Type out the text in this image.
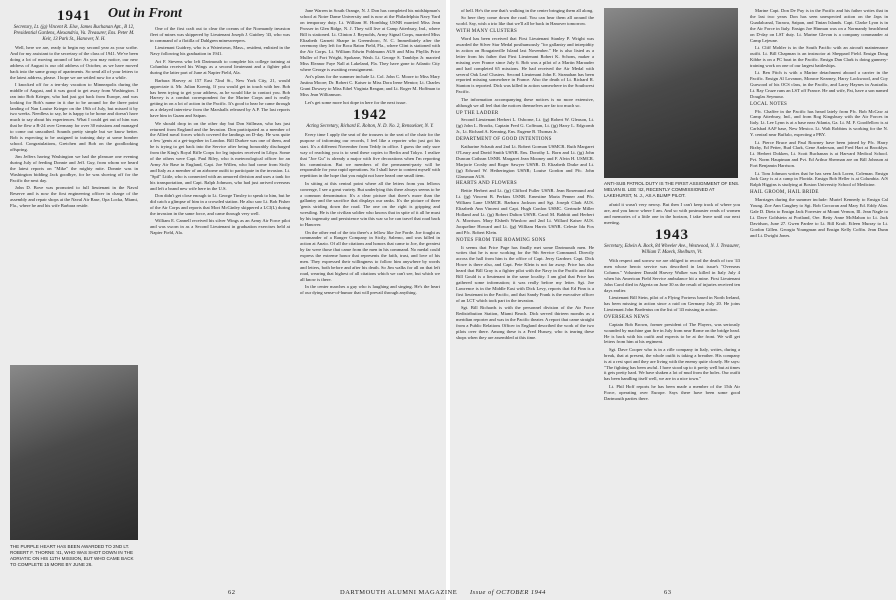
1941
Secretary, Lt. (jg) Vincent R. Else, James Buchanan Apt., B 12, Presidential Gardens, Alexandria, Va. Treasurer, Ens. Peter M. Keir, 13 Park St., Hanover, N. H.

Well, here we are, ready to begin my second year as your scribe. And for my assistant to the secretary of the class of 1941. We've been doing a lot of moving around of late: As you may notice, our new address of August is our old address of October, as we have moved back into the same group of apartments. So send all of your letters to the latest address, please. I hope we are settled now for a while.

I knocked off for a ten-day vacation to Minneapolis during the middle of August, and it was good to get away from Washington. I ran into Bob Krieger, who had just got back from Europe, and was looking for Bob's name in it due to be around for the three point landing of Nan Louise Krieger on the 19th of July, but missed it by two weeks. Needless to say, he is happy to be home and doesn't have much to say about his experiences. What I could get out of him was that he flew a B-24 over Germany for over 30 missions and managed to come out unscathed. Sounds pretty simple but we know better. Bob is expecting to be assigned to training duty at some bomber school. Congratulations, Gretchen and Bob on the goodlooking offspring.

Jim Jeffers having Washington we had the pleasure one evening during July of feeding Donnie and Jeff. Guy, from whom we heard the latest reports on "Mike" the mighty mite. Donnie was in Washington bidding Jack goodbye, for he was shoving off for the Pacific the next day.

John D. Bove was promoted to full lieutenant in the Naval Reserve and is now the first engineering officer in charge of the assembly and repair shops at the Naval Air Base, Opa Locka, Miami, Fla., where he and his wife Barbara reside.

THE PURPLE HEART HAS BEEN AWARDED TO 2ND LT. ROBERT F. THORNE '41, WHO WAS SHOT DOWN IN THE ADRIATIC ON HIS 11TH MISSION, BUT WHO CAME BACK TO COMPLETE 15 MORE BY JUNE 26.
Out in Front

One of the first craft out to clear the oceans of the Normandy invasion fleet of mines was skippered by Lieutenant Joseph J. Guidrey '43, who was in command of a flotilla of Dahlgren minesweepers.

Lieutenant Guidrey, who is a Watertown, Mass., resident, enlisted in the Navy following his graduation in 1941.

Art F. Stevens who left Dartmouth to complete his college training at Columbia received his Wings as a second lieutenant and a fighter pilot during the latter part of June at Napier Field, Ala.

Barbara Harvey at 157 East 72nd St., New York City, 21, would appreciate it. Mr. Julian Koenig. If you would get in touch with her. Bob has been trying to get your address, as he would like to contact you. Bob Harvey is a combat correspondent for the Marine Corps and is really getting in on a lot of action in the Pacific. It's good to hear he came through as a delayed interview from the Marshalls released by A.P. The last reports have him in Guam and Saipan.

We should drop in on the other day but Don Stillman, who has just returned from England and the Invasion. Don participated as a member of the Allied naval forces which covered the landings on D-day. He was quite a few 'gents at a get-together in London. Bill Durkee was one of them, and he is trying to get back into the Service after being honorably discharged from the King's Royal Rifle Corps for leg injuries received in Libya. Some of the others were Capt. Paul Riley, who is meteorological officer for an Army Air Base in England, Capt. Joe Willen, who had come from Sicily and Italy as a member of an airborne outfit to participate in the invasion. Lt. "Spil" Little, who is connected with an armored division and uses a tank for his transportation, and Capt. Ralph Johnson, who had just arrived overseas and left a brand new wife here in the U.S.

Don didn't get close enough to Lt. George Tinsley to speak to him, but he did catch a glimpse of him in a crowded station. He also saw Lt. Bob Fisher of the Air Corps and reports that Mort McGinley skippered a LCI(L) during the invasion in the same force, and came through very well.

William E. Cannell received his silver Wings as an Army Air Force pilot and was sworn in as a Second Lieutenant in graduation exercises held at Napier Field, Ala.

Jane Warren in South Orange, N. J. Don has completed his midshipman's school at Notre Dame University and is now at the Philadelphia Navy Yard on temporary duty. Lt. William H. Hornblug USNR married Miss Jean Prosser in Glen Ridge, N. J. They will live at Camp Atterbury, Ind., where Bill is stationed. Lt. Clinton J. Reynolds, Army Signal Corps, married Miss Elizabeth Garnett Sharpe in Greensboro, N. C. Immediately after the ceremony they left for Boca Raton Field, Fla., where Clint is stationed with the Air Corps. Lt. William Edwin Pohlmann AUS and Miss Phyllis Price Muller of Fort Wright, Spokane, Wash. Lt. George S. Tamblyn Jr. married Miss Eleanor Faye Nall at Lakeland, Fla. They have gone to Atlantic City where George is awaiting reassignment.

Art's plans for the summer include Lt. Col. John C. Moore to Miss Mary Justina Moore; Dr. Robert C. Kaiser to Miss Dora Irene Mentor; Lt. Charles Grant Dowsey to Miss Ethel Virginia Reagan; and Lt. Roger M. Hoffman to Miss Jean Williamson.

Let's get some more hot dope in here for the next issue.

1942
Acting Secretary, Richard E. Rolton, N. D. No. 2, Rensselaer, N. Y.

Every time I apply the seat of the trousers to the seat of the chair for the purpose of informing our records, I feel like a reporter who just got his start. It's a different November from Teddy in office. I guess the only sure way of reaching you is to send these copies to Berlin and Tokyo. I realize that "Joe Gu" is already a major with five decorations when I'm reporting his commission. But we members of the permanent-party will be responsible for your rapid operations. So I shall have to content myself with repetition in the hope that you might not have heard one small item.

In sitting at this central point where all the letters from you fellows converge, I see a great variety. But underlying this there always seems to be a common denominator. It's a clear picture that there's more than the gallantry and the sacrifice that displays our ranks. It's the picture of three 'gents striding down the road. The one on the right is gripping and wrestling. He is the civilian soldier who knows that in spite of it all he must by his ingenuity and persistence win this war so he can travel that road back to Hanover.

On the other end of the trio there's a fellow like Joe Forde. Joe fought as commander of a Ranger Company in Sicily, Salerno, and was killed in action at Anzio. Of all the citations and honors that came to Joe, the greatest by far were those that came from the men in his command. No medal could express the extreme honor that represents the faith, trust, and love of his men. They expressed their willingness to follow him anywhere by words and letters, both before and after his death. So Jim walks for all on that left road, wearing that highest of all citations which we can't see, but which we all know is there.

In the center marches a guy who is laughing and singing. He's the heart of our dying sense-of-humor that will prevail through anything.

62	DARTMOUTH ALUMNI MAGAZINE

of hell. He's the one that's walking in the center bringing them all along.

So here they come down the road. You can hear them all around the world. Say, wish a trio like that we'll all be back in Hanover tomorrow.

WITH MANY CLUSTERS

Word has been received that First Lieutenant Stanley P. Wright was awarded the Silver Star Medal posthumously "for gallantry and intrepidity in action on Bougainville Island last November." He is also listed as a letter from his father that First Lieutenant Robert K. Schons, maker a missing over France since July 6. Bob was a pilot of a Martin Marauder and had completed 65 missions. He had received the Air Medal with several Oak Leaf Clusters. Second Lieutenant John E. Stranahan has been reported missing somewhere in France. Also the death of Lt. Richard R. Stanton is reported. Dick was killed in action somewhere in the Southwest Pacific.

The information accompanying these notices is no more extensive, although we all feel that the notices themselves are far too much so.

UP THE LADDER

Second Lieutenant Herbert L. Osborne, Lt. (jg) Robert W. Gleason, Lt. (jg) John L. Brooks, Captain Fred G. Coffman, Lt. (jg) Harry L. Edgcomb Jr., Lt. Richard A. Kenning, Ens. Eugene B. Thomas Jr.

DEPARTMENT OF GOOD INTENTIONS

Katharine Schaub and 2nd Lt. Robert Gorman USMCR. Ruth Margaret O'Leary and David Smith USNR. Ens. Dorothy L. Born and Lt. (jg) John Duncan Cothran USNR. Margaret Jean Mooney and F. Alvin H. USMCR. Marjorie Crosby and Roger Sawyer USNR. D. Elizabeth Drake and Lt. (jg) Edward W. Hetherington USNR; Louise Gordon and Pfc. John Glassman AUS.

HEARTS AND FLOWERS

Bettie Herbert and Lt. (jg) Clifford Fuller USNR. Jean Rosemund and Lt. (jg) Vincent B. Perkins USNR. Ernestine Maria Penner and Pfc. William Lane USMCR. Barbara Jackson and Sgt. Joseph Clark AUS. Elizabeth Ann Vincent and Capt. Hugh Conlon USMC. Gertrude Miller Holland and Lt. (jg) Robert Dalton USNR. Carol M. Babbitt and Herbert A. Morrison. Mary Elsbeth Winslow and 2nd Lt. Willard Kaiser AUS. Jacqueline Howard and Lt. (jg) William Harris USNR. Celeste Ida Fox and Pfc. Robert Klein.

NOTES FROM THE ROAMING SONS

It seems that Price Page has finally met some Dartmouth men. He writes that he is now working for the 9th Service Command. Directly across the hall from him is the office of Capt. Jerry Gardner. Capt. Dick Howe is there also, and Capt. Pete Klein is not far away. Price has also heard that Bill Gray is a fighter pilot with the Navy in the Pacific and that Bill Gould is a lieutenant in the same locality. I am glad that Price has gathered some information; it was really before my letter. Sgt. Joe Lawrence is in the Middle East with Dick Levy, reports that Ed Finn is a first lieutenant in the Pacific, and that Sandy Frank is the executive officer of an LCT which took part in the invasion.

Sgt. Bill Richards is with the personnel division of the Air Force Redistribution Station, Miami Beach. Dick served thirteen months as a meridian reporter and was in the Pacific theater. A report that came straight from a Public Relations Officer in England described the work of the two pilots over there. Among these is a Fred Hussey, who is tearing these shops when they are assembled at this time.

ANTI-SUB PATROL DUTY IS THE FIRST ASSIGNMENT OF ENS. MELVIN B. LEE '42, RECENTLY COMMISSIONED AT LAKEHURST, N. J., AS A BLIMP PILOT.

afraid it wasn't very newsy. But then I can't keep track of where you are, and you know where I am. And so with postmaster reads of women and memories of a little one in the horizon, I take leave until our next meeting.

1943
Secretary, Edwin A. Bock, 84 Wheeler Ave., Westwood, N. J. Treasurer, William T. Maeck, Shelburn, Vt.

With respect and sorrow we are obliged to record the death of two '43 men whose heroic service was described in last issue's "Overseas Column." Volunteer Donald Harvey Walker was killed in Italy July 4 when his American Field Service ambulance hit a mine. First Lieutenant John Carol died in Algeria on June 30 as the result of injuries received ten days earlier.

Lieutenant Bill Stein, pilot of a Flying Fortress based in North Ireland, has been missing in action since a raid on Germany July 20. He joins Lieutenant John Bardenius on the list of '43 missing in action.

OVERSEAS NEWS

Captain Bob Brown, former president of The Players, was seriously wounded by machine gun fire in July from near Rome on the bridge head. He is back with his outfit and expects to be at the front. We will get letters from him at his regiment.

Sgt. Dave Cooper who is in a rifle company in Italy, writes, during a break, that at present, the whole outfit is taking a breather. His company is at a rest spot and they are living with the enemy quite closely. He says: "The fighting has been awful. I have stood up to it pretty well but at times it gets pretty hard. We have shaken a lot of mud from the holes. Our outfit has been handling itself well, we are in a nice town."

Lt. Phil Hoff reports he has been made a member of the 15th Air Force, operating over Europe. Says there have been some good Dartmouth parties there.

Marine Capt. Don De Puy is in the Pacific and his father writes that in the last two years Don has seen unexpected action on the Japs in Guadalcanal, Tarawa, Saipan, and Tinian Islands. Capt. Clarke Lyon is in the Air Force in Italy. Ensign Joe Hinman was on a Normandy beachhead on D-day on LST duty. Lt. Marine Glevan is a company commander at Camp Lejeune.

Lt. Cliff Mohler is in the South Pacific with an aircraft maintenance outfit. Lt. Bill Chapman is an instructor at Sheppard Field. Ensign Doug Kibbe is on a PC boat in the Pacific. Ensign Dan Clark is doing gunnery-training work on one of our largest battleships.

Lt. Ben Fitch is with a Marine detachment aboard a carrier in the Pacific. Ensign Al Lovanon, Monroe Kearney, Harry Lockwood, and Coy Gurwood of his OCS class, in the Pacific, and Larry Haynes in Australia. Lt. Ray Cruze runs an LST off France. He and wife, Pat, have a son named Douglas Seymour.

LOCAL NOTES

Pfc. Chaffee in the Pacific has heard lately from Pfc. Bob McCaw at Camp Atterbury, Ind., and from Rog Kingsbury with the Air Forces in Italy. Lt. Lee Lynn is at a base near Atlanta, Ga. Lt. M. F. Goodfellow is at Carlsbad AAF base, New Mexico. Lt. Walt Robbins is working for the N. Y. central near Buffalo, expecting a PBY.

Lt. Pierce Bruce and Paul Rowney have been joined by Pfc. Harry Bixby, Ed Petter, Bud Clark, Gene Anderson, and Fred Hart at Brooklyn. Lt. Herbert Dokken, Lt. Scott Buchanan is at Harvard Medical School. Pvt. Norm Hauptman and Pvt. Ed Arthur Sherman are on Bill Johnson at Fort Benjamin Harrison.

Lt. Tom Johnson writes that he has seen Jack Loren, Coleman. Ensign Jack Gray is at a camp in Florida. Ensign Bob Heller is at Columbia. A/S Ralph Higgins is studying at Boston University School of Medicine.

HAIL GROOM, HAIL BRIDE

Marriages during the summer include: Muriel Kennedy to Ensign Cal Young. Zoe Ann Caughey to Sgt. Bob Corcoran and Mary Ed. Eddy Alan. Gale D. Dietz to Ensign Jack Forrester at Mount Vernon, Ill. Jean Nagle to Lt. Dave Goldstein at Portland, Ore. Betty Anne McMahon to Lt. Jack Davidson, June 27. Gwen Pardee to Lt. Bill Kraft. Eileen Murray to Lt. Gordon Gillen. Georgia Youngman and Ensign Kelly Coffin. Jean Dunn and Lt. Dwight Jones.

Issue of OCTOBER 1944	63
